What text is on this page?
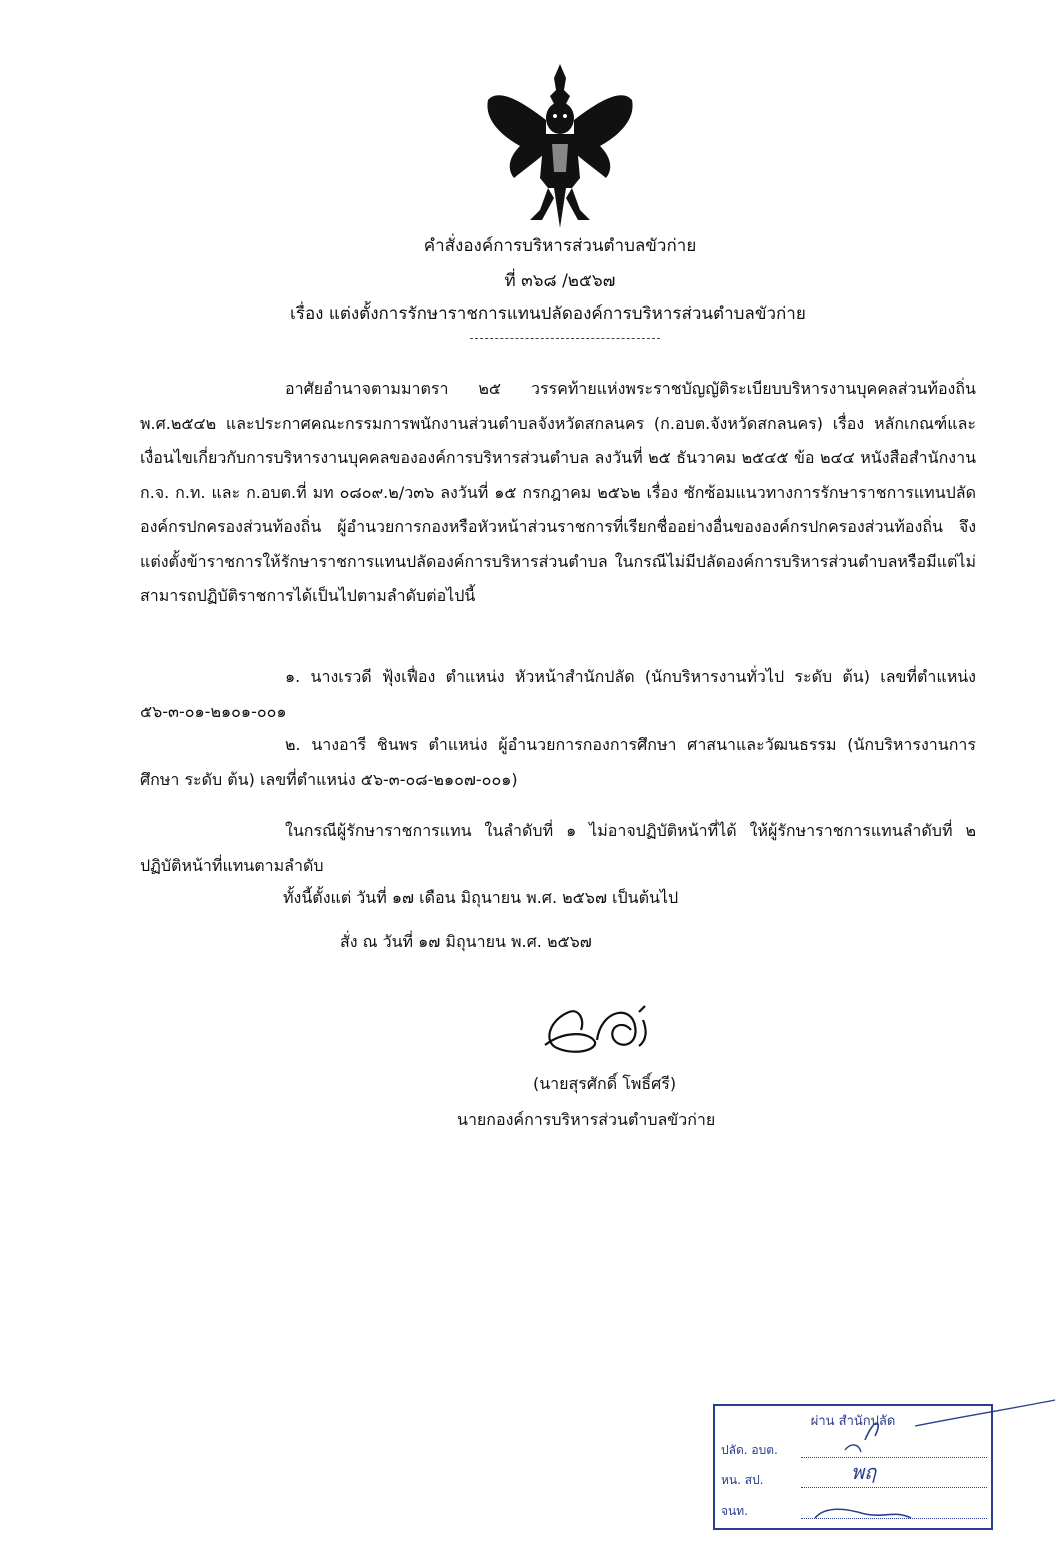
คำสั่งองค์การบริหารส่วนตำบลขัวก่าย
ที่ ๓๖๘ /๒๕๖๗
เรื่อง แต่งตั้งการรักษาราชการแทนปลัดองค์การบริหารส่วนตำบลขัวก่าย
อาศัยอำนาจตามมาตรา ๒๕ วรรคท้ายแห่งพระราชบัญญัติระเบียบบริหารงานบุคคลส่วนท้องถิ่น พ.ศ.๒๕๔๒ และประกาศคณะกรรมการพนักงานส่วนตำบลจังหวัดสกลนคร (ก.อบต.จังหวัดสกลนคร) เรื่อง หลักเกณฑ์และเงื่อนไขเกี่ยวกับการบริหารงานบุคคลขององค์การบริหารส่วนตำบล ลงวันที่ ๒๕ ธันวาคม ๒๕๔๕ ข้อ ๒๔๔ หนังสือสำนักงาน ก.จ. ก.ท. และ ก.อบต.ที่ มท ๐๘๐๙.๒/ว๓๖ ลงวันที่ ๑๕ กรกฎาคม ๒๕๖๒ เรื่อง ซักซ้อมแนวทางการรักษาราชการแทนปลัด องค์กรปกครองส่วนท้องถิ่น ผู้อำนวยการกองหรือหัวหน้าส่วนราชการที่เรียกชื่ออย่างอื่นขององค์กรปกครองส่วนท้องถิ่น จึงแต่งตั้งข้าราชการให้รักษาราชการแทนปลัดองค์การบริหารส่วนตำบล ในกรณีไม่มีปลัดองค์การบริหารส่วนตำบลหรือมีแต่ไม่สามารถปฏิบัติราชการได้เป็นไปตามลำดับต่อไปนี้
๑. นางเรวดี ฟุ้งเฟื่อง ตำแหน่ง หัวหน้าสำนักปลัด (นักบริหารงานทั่วไป ระดับ ต้น) เลขที่ตำแหน่ง ๕๖-๓-๐๑-๒๑๐๑-๐๐๑
๒. นางอารี ชินพร ตำแหน่ง ผู้อำนวยการกองการศึกษา ศาสนาและวัฒนธรรม (นักบริหารงานการศึกษา ระดับ ต้น) เลขที่ตำแหน่ง ๕๖-๓-๐๘-๒๑๐๗-๐๐๑)
ในกรณีผู้รักษาราชการแทน ในลำดับที่ ๑ ไม่อาจปฏิบัติหน้าที่ได้ ให้ผู้รักษาราชการแทนลำดับที่ ๒ ปฏิบัติหน้าที่แทนตามลำดับ
ทั้งนี้ตั้งแต่ วันที่ ๑๗ เดือน มิถุนายน พ.ศ. ๒๕๖๗ เป็นต้นไป
สั่ง ณ วันที่ ๑๗ มิถุนายน พ.ศ. ๒๕๖๗
(นายสุรศักดิ์ โพธิ์ศรี)
นายกองค์การบริหารส่วนตำบลขัวก่าย
ผ่าน สำนักปลัด
ปลัด. อบต.
หน. สป.	พฤ
จนท.
